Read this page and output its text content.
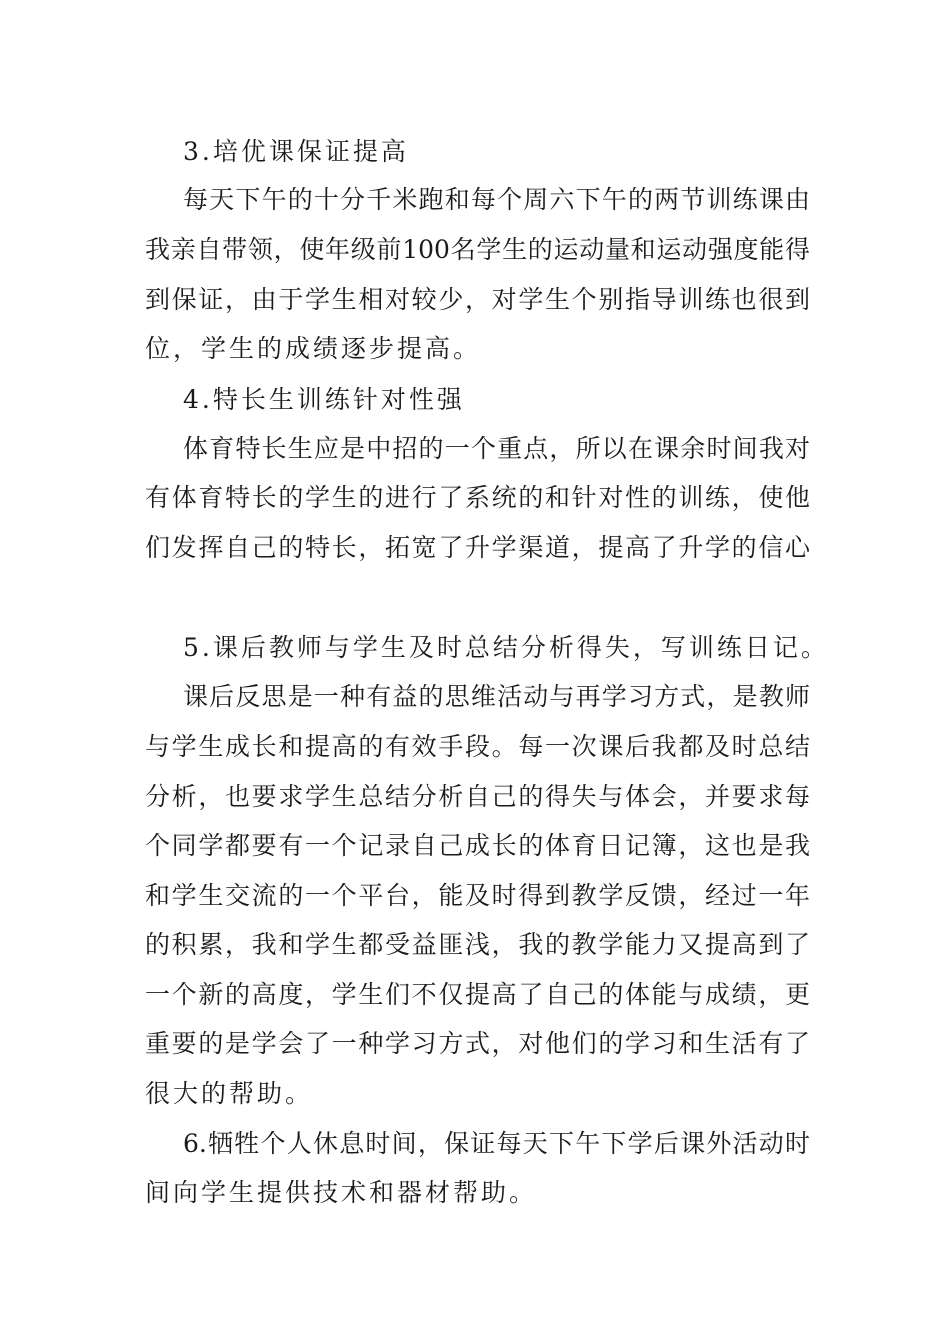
3.培优课保证提高
每天下午的十分千米跑和每个周六下午的两节训练课由
我亲自带领，使年级前100名学生的运动量和运动强度能得
到保证，由于学生相对较少，对学生个别指导训练也很到
位，学生的成绩逐步提高。
4.特长生训练针对性强
体育特长生应是中招的一个重点，所以在课余时间我对
有体育特长的学生的进行了系统的和针对性的训练，使他
们发挥自己的特长，拓宽了升学渠道，提高了升学的信心
5.课后教师与学生及时总结分析得失，写训练日记。
课后反思是一种有益的思维活动与再学习方式，是教师
与学生成长和提高的有效手段。每一次课后我都及时总结
分析，也要求学生总结分析自己的得失与体会，并要求每
个同学都要有一个记录自己成长的体育日记簿，这也是我
和学生交流的一个平台，能及时得到教学反馈，经过一年
的积累，我和学生都受益匪浅，我的教学能力又提高到了
一个新的高度，学生们不仅提高了自己的体能与成绩，更
重要的是学会了一种学习方式，对他们的学习和生活有了
很大的帮助。
6.牺牲个人休息时间，保证每天下午下学后课外活动时
间向学生提供技术和器材帮助。
